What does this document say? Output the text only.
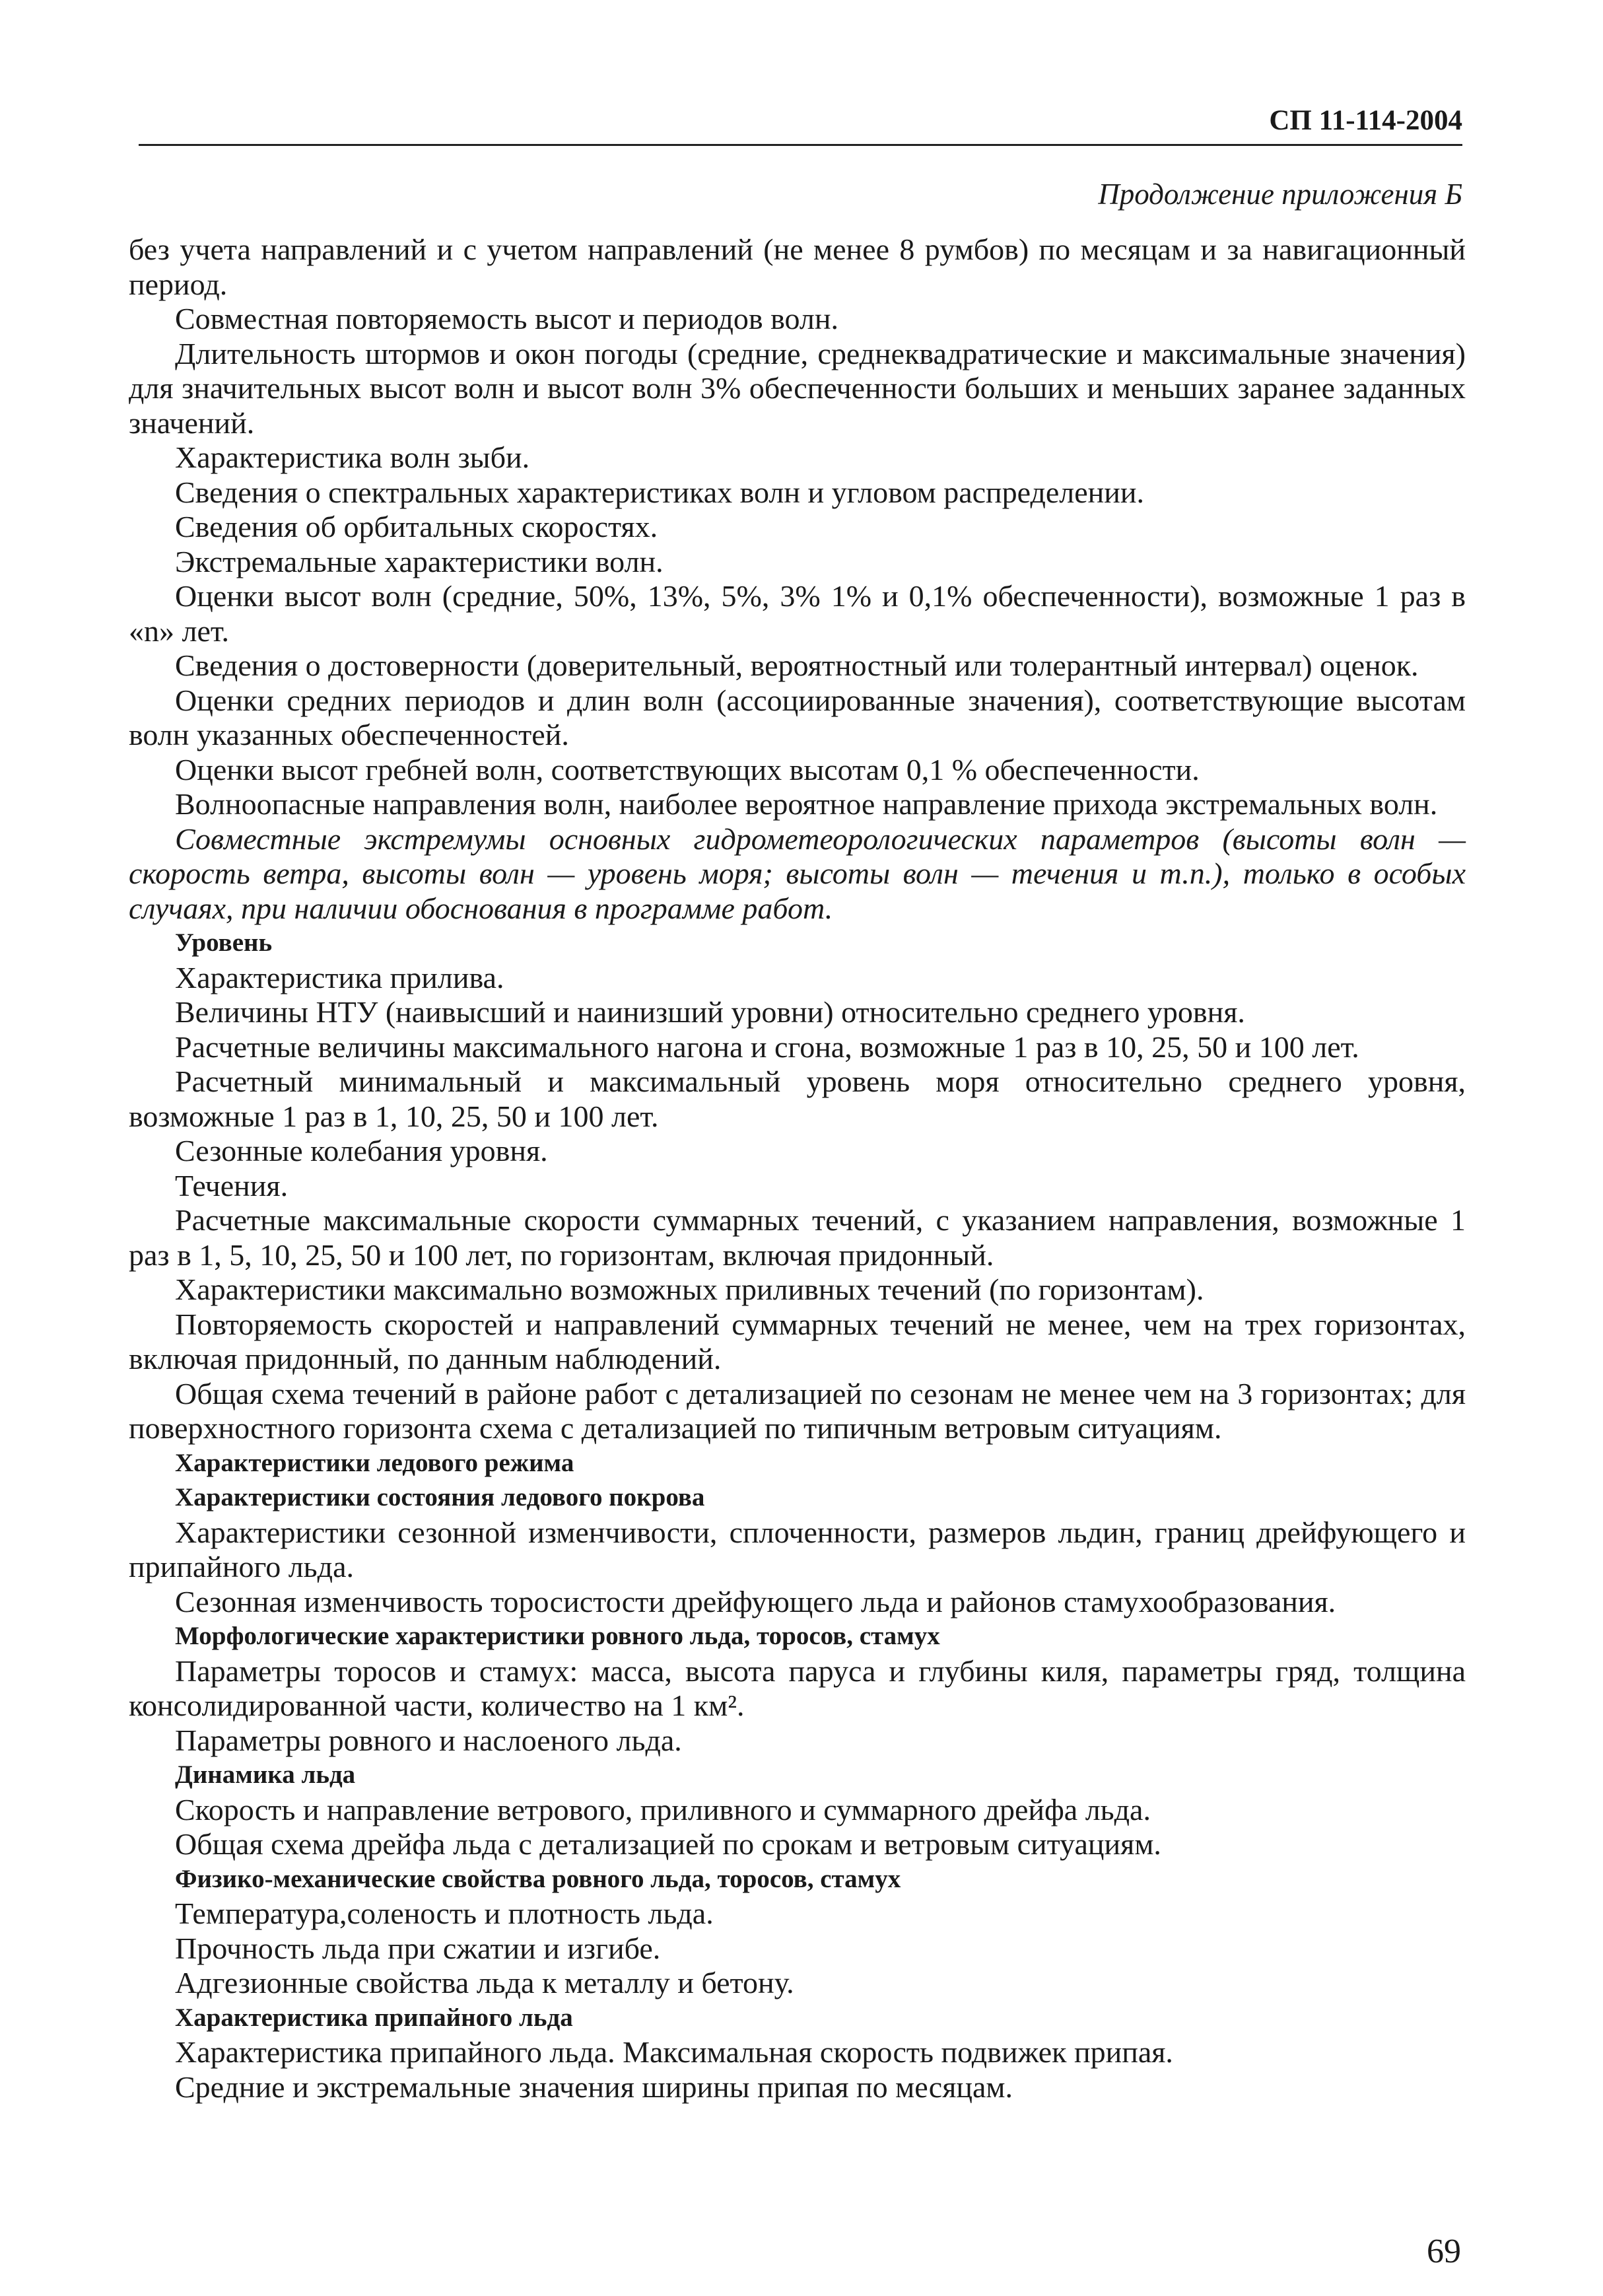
СП 11-114-2004
Продолжение приложения Б

без учета направлений и с учетом направлений (не менее 8 румбов) по месяцам и за навигационный период.

Совместная повторяемость высот и периодов волн.

Длительность штормов и окон погоды (средние, среднеквадратические и максимальные значения) для значительных высот волн и высот волн 3% обеспеченности больших и меньших заранее заданных значений.

Характеристика волн зыби.

Сведения о спектральных характеристиках волн и угловом распределении.

Сведения об орбитальных скоростях.

Экстремальные характеристики волн.

Оценки высот волн (средние, 50%, 13%, 5%, 3% 1% и 0,1% обеспеченности), возможные 1 раз в «n» лет.

Сведения о достоверности (доверительный, вероятностный или толерантный интервал) оценок.

Оценки средних периодов и длин волн (ассоциированные значения), соответствующие высотам волн указанных обеспеченностей.

Оценки высот гребней волн, соответствующих высотам 0,1 % обеспеченности.

Волноопасные направления волн, наиболее вероятное направление прихода экстремальных волн.

Совместные экстремумы основных гидрометеорологических параметров (высоты волн — скорость ветра, высоты волн — уровень моря; высоты волн — течения и т.п.), только в особых случаях, при наличии обоснования в программе работ.

Уровень

Характеристика прилива.

Величины НТУ (наивысший и наинизший уровни) относительно среднего уровня.

Расчетные величины максимального нагона и сгона, возможные 1 раз в 10, 25, 50 и 100 лет.

Расчетный минимальный и максимальный уровень моря относительно среднего уровня, возможные 1 раз в 1, 10, 25, 50 и 100 лет.

Сезонные колебания уровня.

Течения.

Расчетные максимальные скорости суммарных течений, с указанием направления, возможные 1 раз в 1, 5, 10, 25, 50 и 100 лет, по горизонтам, включая придонный.

Характеристики максимально возможных приливных течений (по горизонтам).

Повторяемость скоростей и направлений суммарных течений не менее, чем на трех горизонтах, включая придонный, по данным наблюдений.

Общая схема течений в районе работ с детализацией по сезонам не менее чем на 3 горизонтах; для поверхностного горизонта схема с детализацией по типичным ветровым ситуациям.

Характеристики ледового режима

Характеристики состояния ледового покрова

Характеристики сезонной изменчивости, сплоченности, размеров льдин, границ дрейфующего и припайного льда.

Сезонная изменчивость торосистости дрейфующего льда и районов стамухообразования.

Морфологические характеристики ровного льда, торосов, стамух

Параметры торосов и стамух: масса, высота паруса и глубины киля, параметры гряд, толщина консолидированной части, количество на 1 км².

Параметры ровного и наслоеного льда.

Динамика льда

Скорость и направление ветрового, приливного и суммарного дрейфа льда.

Общая схема дрейфа льда с детализацией по срокам и ветровым ситуациям.

Физико-механические свойства ровного льда, торосов, стамух

Температура,соленость и плотность льда.

Прочность льда при сжатии и изгибе.

Адгезионные свойства льда к металлу и бетону.

Характеристика припайного льда

Характеристика припайного льда. Максимальная скорость подвижек припая.

Средние и экстремальные значения ширины припая по месяцам.

69
